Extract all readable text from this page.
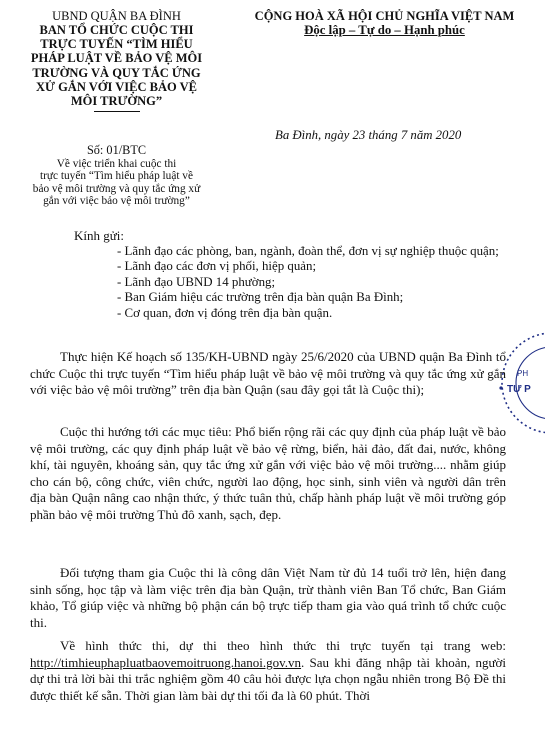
UBND QUẬN BA ĐÌNH
BAN TỔ CHỨC CUỘC THI
TRỰC TUYẾN “TÌM HIỂU
PHÁP LUẬT VỀ BẢO VỆ MÔI
TRƯỜNG VÀ QUY TẮC ỨNG
XỬ GẮN VỚI VIỆC BẢO VỆ
MÔI TRƯỜNG”
CỘNG HOÀ XÃ HỘI CHỦ NGHĨA VIỆT NAM
Độc lập – Tự do – Hạnh phúc
Ba Đình, ngày 23 tháng 7 năm 2020
Số: 01/BTC
Về việc triển khai cuộc thi
trực tuyến “Tìm hiểu pháp luật về
bảo vệ môi trường và quy tắc ứng xử
gắn với việc bảo vệ môi trường”
Kính gửi:
- Lãnh đạo các phòng, ban, ngành, đoàn thể, đơn vị sự nghiệp thuộc quận;
- Lãnh đạo các đơn vị phối, hiệp quản;
- Lãnh đạo UBND 14 phường;
- Ban Giám hiệu các trường trên địa bàn quận Ba Đình;
- Cơ quan, đơn vị đóng trên địa bàn quận.
Thực hiện Kế hoạch số 135/KH-UBND ngày 25/6/2020 của UBND quận Ba Đình tổ chức Cuộc thi trực tuyến “Tìm hiểu pháp luật về bảo vệ môi trường và quy tắc ứng xử gắn với việc bảo vệ môi trường” trên địa bàn Quận (sau đây gọi tắt là Cuộc thi);
Cuộc thi hướng tới các mục tiêu: Phổ biến rộng rãi các quy định của pháp luật về bảo vệ môi trường, các quy định pháp luật về bảo vệ rừng, biển, hải đảo, đất đai, nước, không khí, tài nguyên, khoáng sản, quy tắc ứng xử gắn với việc bảo vệ môi trường.... nhằm giúp cho cán bộ, công chức, viên chức, người lao động, học sinh, sinh viên và người dân trên địa bàn Quận nâng cao nhận thức, ý thức tuân thủ, chấp hành pháp luật về môi trường góp phần bảo vệ môi trường Thủ đô xanh, sạch, đẹp.
Đối tượng tham gia Cuộc thi là công dân Việt Nam từ đủ 14 tuổi trở lên, hiện đang sinh sống, học tập và làm việc trên địa bàn Quận, trừ thành viên Ban Tổ chức, Ban Giám khảo, Tổ giúp việc và những bộ phận cán bộ trực tiếp tham gia vào quá trình tổ chức cuộc thi.
Về hình thức thi, dự thi theo hình thức thi trực tuyến tại trang web: http://timhieuphapluatbaovemoitruong.hanoi.gov.vn. Sau khi đăng nhập tài khoản, người dự thi trả lời bài thi trắc nghiệm gồm 40 câu hỏi được lựa chọn ngẫu nhiên trong Bộ Đề thi được thiết kế sẵn. Thời gian làm bài dự thi tối đa là 60 phút. Thời
PH
TƯ P
